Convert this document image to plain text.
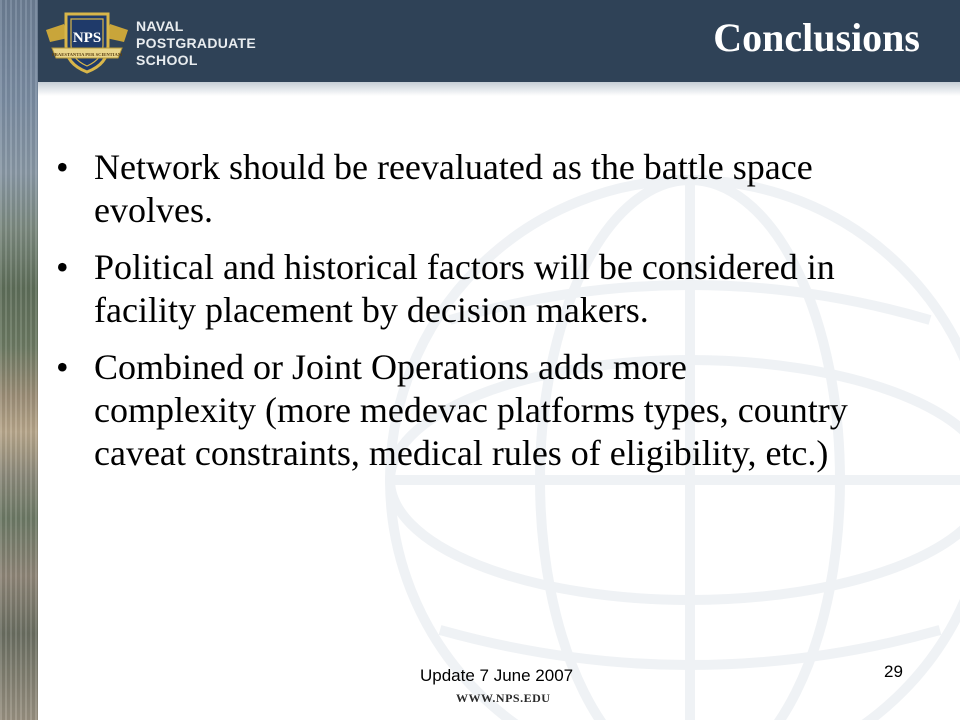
NPS
PRAESTANTIA PER SCIENTIAM
NAVAL
POSTGRADUATE
SCHOOL	Conclusions
• Network should be reevaluated as the battle space evolves.
• Political and historical factors will be considered in facility placement by decision makers.
• Combined or Joint Operations adds more complexity (more medevac platforms types, country caveat constraints, medical rules of eligibility, etc.)
Update 7 June 2007
WWW.NPS.EDU
29
